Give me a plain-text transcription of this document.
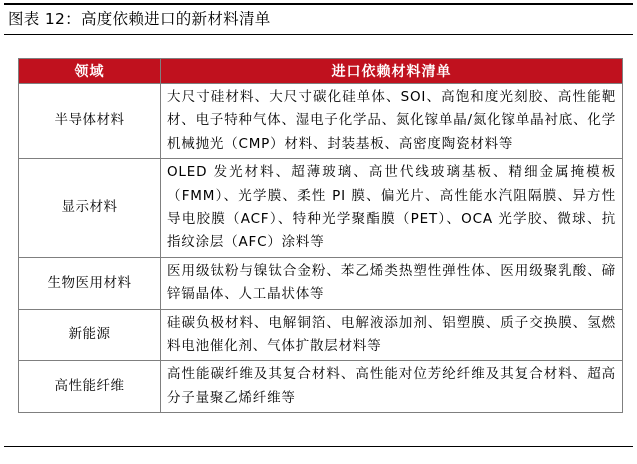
图表 12：高度依赖进口的新材料清单
领域	进口依赖材料清单
半导体材料	大尺寸硅材料、大尺寸碳化硅单体、SOI、高饱和度光刻胶、高性能靶材、电子特种气体、湿电子化学品、氮化镓单晶/氮化镓单晶衬底、化学机械抛光（CMP）材料、封装基板、高密度陶瓷材料等
显示材料	OLED 发光材料、超薄玻璃、高世代线玻璃基板、精细金属掩模板（FMM）、光学膜、柔性 PI 膜、偏光片、高性能水汽阻隔膜、异方性导电胶膜（ACF）、特种光学聚酯膜（PET）、OCA 光学胶、微球、抗指纹涂层（AFC）涂料等
生物医用材料	医用级钛粉与镍钛合金粉、苯乙烯类热塑性弹性体、医用级聚乳酸、碲锌镉晶体、人工晶状体等
新能源	硅碳负极材料、电解铜箔、电解液添加剂、铝塑膜、质子交换膜、氢燃料电池催化剂、气体扩散层材料等
高性能纤维	高性能碳纤维及其复合材料、高性能对位芳纶纤维及其复合材料、超高分子量聚乙烯纤维等
